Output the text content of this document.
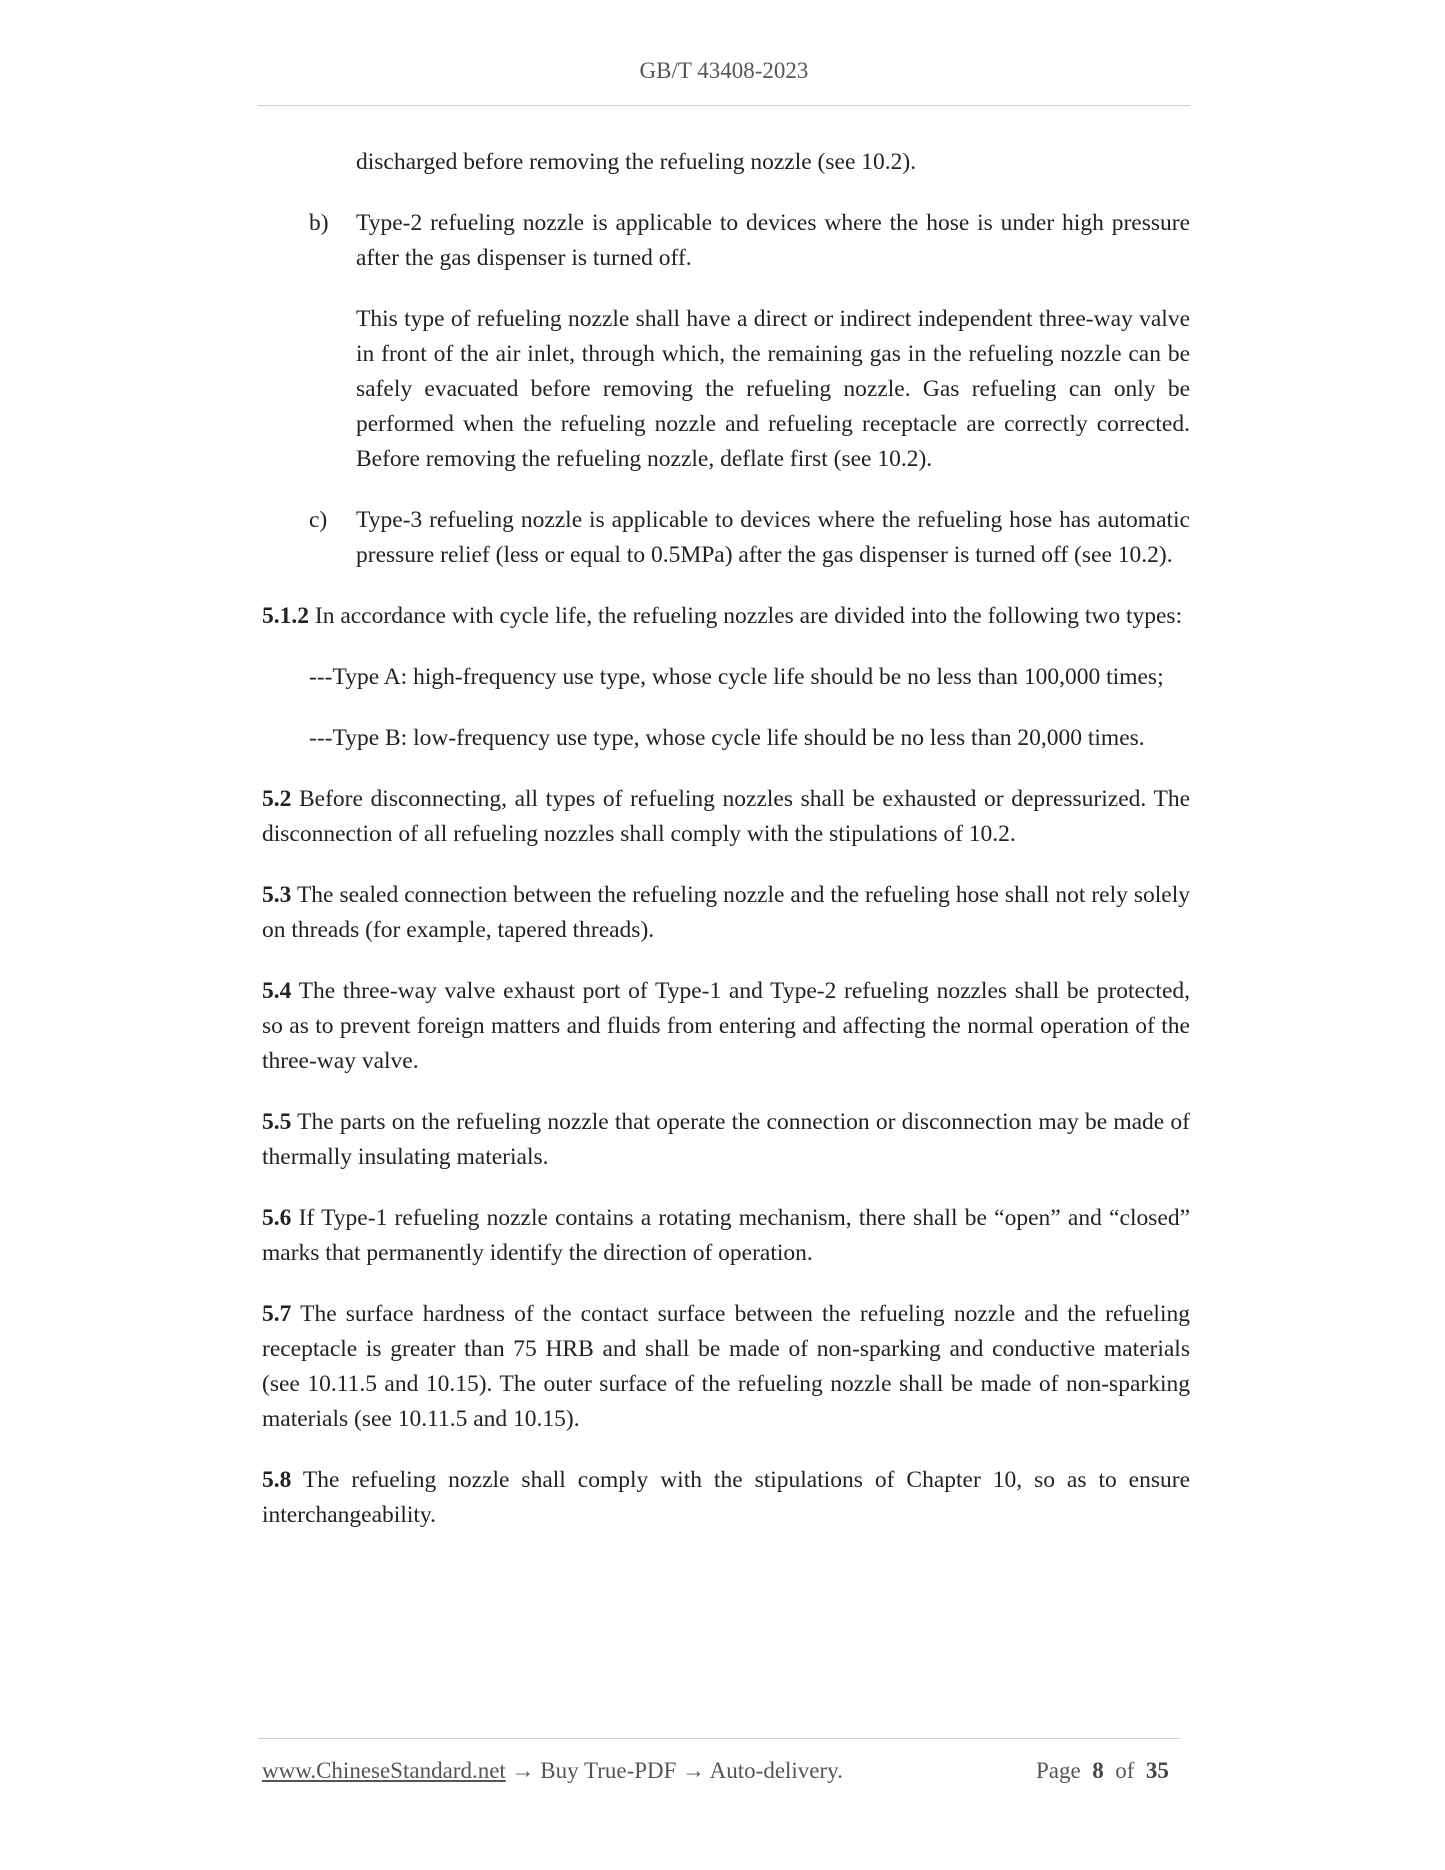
GB/T 43408-2023

discharged before removing the refueling nozzle (see 10.2).

b) Type-2 refueling nozzle is applicable to devices where the hose is under high pressure after the gas dispenser is turned off.

This type of refueling nozzle shall have a direct or indirect independent three-way valve in front of the air inlet, through which, the remaining gas in the refueling nozzle can be safely evacuated before removing the refueling nozzle. Gas refueling can only be performed when the refueling nozzle and refueling receptacle are correctly corrected. Before removing the refueling nozzle, deflate first (see 10.2).

c) Type-3 refueling nozzle is applicable to devices where the refueling hose has automatic pressure relief (less or equal to 0.5MPa) after the gas dispenser is turned off (see 10.2).

5.1.2 In accordance with cycle life, the refueling nozzles are divided into the following two types:

---Type A: high-frequency use type, whose cycle life should be no less than 100,000 times;

---Type B: low-frequency use type, whose cycle life should be no less than 20,000 times.

5.2 Before disconnecting, all types of refueling nozzles shall be exhausted or depressurized. The disconnection of all refueling nozzles shall comply with the stipulations of 10.2.

5.3 The sealed connection between the refueling nozzle and the refueling hose shall not rely solely on threads (for example, tapered threads).

5.4 The three-way valve exhaust port of Type-1 and Type-2 refueling nozzles shall be protected, so as to prevent foreign matters and fluids from entering and affecting the normal operation of the three-way valve.

5.5 The parts on the refueling nozzle that operate the connection or disconnection may be made of thermally insulating materials.

5.6 If Type-1 refueling nozzle contains a rotating mechanism, there shall be “open” and “closed” marks that permanently identify the direction of operation.

5.7 The surface hardness of the contact surface between the refueling nozzle and the refueling receptacle is greater than 75 HRB and shall be made of non-sparking and conductive materials (see 10.11.5 and 10.15). The outer surface of the refueling nozzle shall be made of non-sparking materials (see 10.11.5 and 10.15).

5.8 The refueling nozzle shall comply with the stipulations of Chapter 10, so as to ensure interchangeability.

www.ChineseStandard.net → Buy True-PDF → Auto-delivery.	Page 8 of 35
